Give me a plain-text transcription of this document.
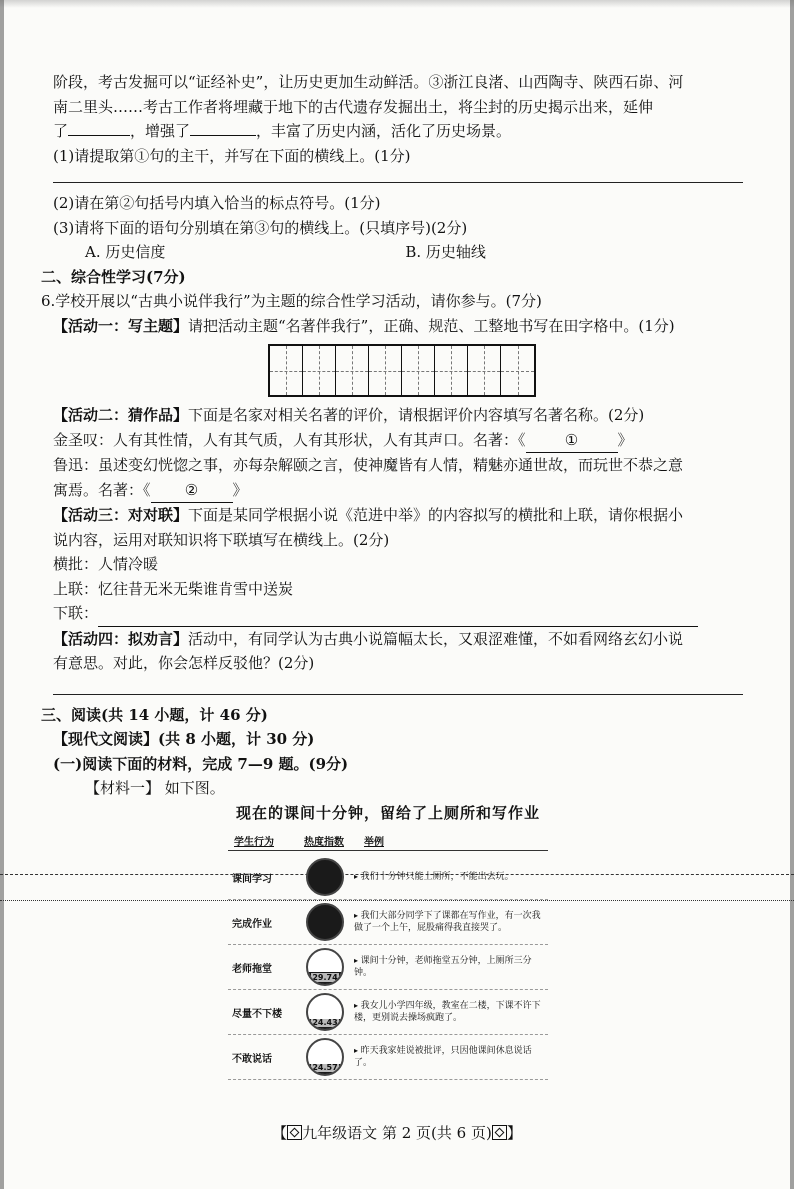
阶段，考古发掘可以“证经补史”，让历史更加生动鲜活。③浙江良渚、山西陶寺、陕西石峁、河
南二里头……考古工作者将埋藏于地下的古代遗存发掘出土，将尘封的历史揭示出来，延伸
了	，增强了	，丰富了历史内涵，活化了历史场景。
(1)请提取第①句的主干，并写在下面的横线上。(1分)
(2)请在第②句括号内填入恰当的标点符号。(1分)
(3)请将下面的语句分别填在第③句的横线上。(只填序号)(2分)
A. 历史信度	B. 历史轴线
二、综合性学习(7分)
6.学校开展以“古典小说伴我行”为主题的综合性学习活动，请你参与。(7分)
【活动一：写主题】请把活动主题“名著伴我行”，正确、规范、工整地书写在田字格中。(1分)
【活动二：猜作品】下面是名家对相关名著的评价，请根据评价内容填写名著名称。(2分)
金圣叹：人有其性情，人有其气质，人有其形状，人有其声口。名著：《	①	》
鲁迅：虽述变幻恍惚之事，亦每杂解颐之言，使神魔皆有人情，精魅亦通世故，而玩世不恭之意
寓焉。名著：《 ② 》
【活动三：对对联】下面是某同学根据小说《范进中举》的内容拟写的横批和上联，请你根据小
说内容，运用对联知识将下联填写在横线上。(2分)
横批：人情冷暖
上联：忆往昔无米无柴谁肯雪中送炭
下联：
【活动四：拟劝言】活动中，有同学认为古典小说篇幅太长，又艰涩难懂，不如看网络玄幻小说
有意思。对此，你会怎样反驳他？(2分)
三、阅读(共 14 小题，计 46 分)
【现代文阅读】(共 8 小题，计 30 分)
(一)阅读下面的材料，完成 7—9 题。(9分)
【材料一】 如下图。
现在的课间十分钟，留给了上厕所和写作业
学生行为	热度指数	举例
课间学习
▸	我们十分钟只能上厕所，不能出去玩。
完成作业
▸ 我们大部分同学下了课都在写作业，有一次我做了一个上午，屁股痛得我直接哭了。
老师拖堂
29.74
▸ 课间十分钟，老师拖堂五分钟，上厕所三分钟。
尽量不下楼
24.43
▸ 我女儿小学四年级，教室在二楼，下课不许下楼，更别说去操场疯跑了。
不敢说话
24.57
▸ 昨天我家娃说被批评，只因他课间休息说话了。
【 九年级语文 第 2 页(共 6 页) 】
